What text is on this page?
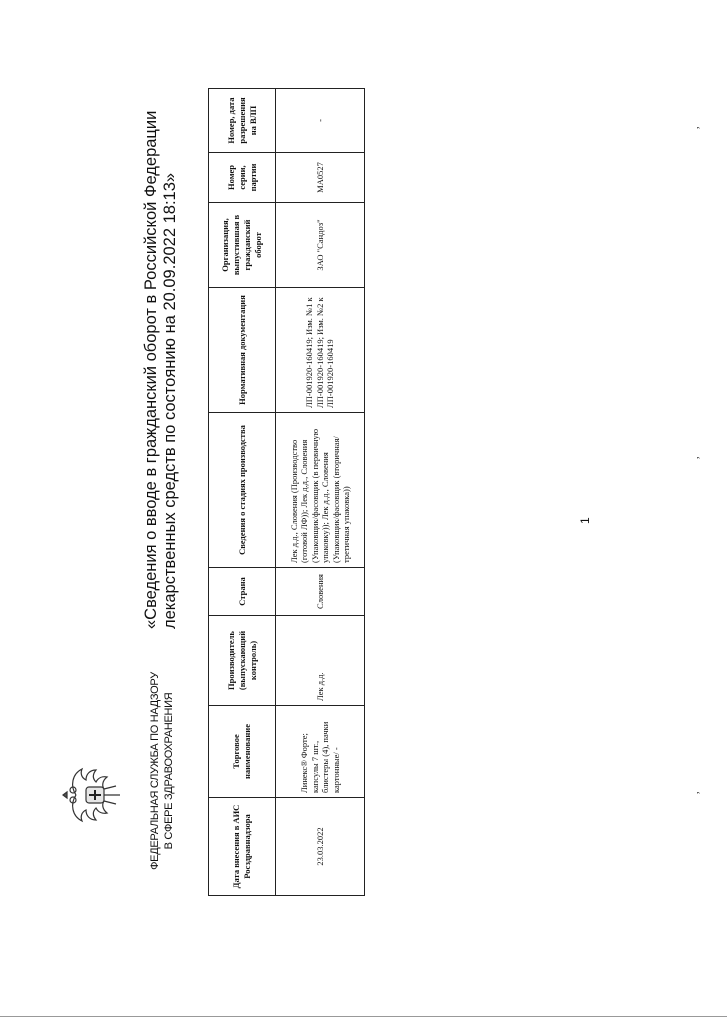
ФЕДЕРАЛЬНАЯ СЛУЖБА ПО НАДЗОРУ В СФЕРЕ ЗДРАВООХРАНЕНИЯ
«Сведения о вводе в гражданский оборот в Российской Федерации лекарственных средств по состоянию на 20.09.2022 18:13»
Дата внесения в АИС Росздравнадзора	Торговое наименование	Производитель (выпускающий контроль)	Страна	Сведения о стадиях производства	Нормативная документация	Организация, выпустившая в гражданский оборот	Номер серии, партии	Номер, дата разрешения на ВЛП
23.03.2022	Линекс® Форте; капсулы 7 шт., блистеры (4), пачки картонные/ -	Лек д.д.	Словения	Лек д.д., Словения (Производство (готовой ЛФ)); Лек д.д., Словения (Упаковщик/фасовщик (в первичную упаковку)); Лек д.д., Словения (Упаковщик/фасовщик (вторичная/третичная упаковка))	ЛП-001920-160419; Изм. №1 к ЛП-001920-160419; Изм. №2 к ЛП-001920-160419	ЗАО "Сандоз"	МА0527	-
1
,
,
,
